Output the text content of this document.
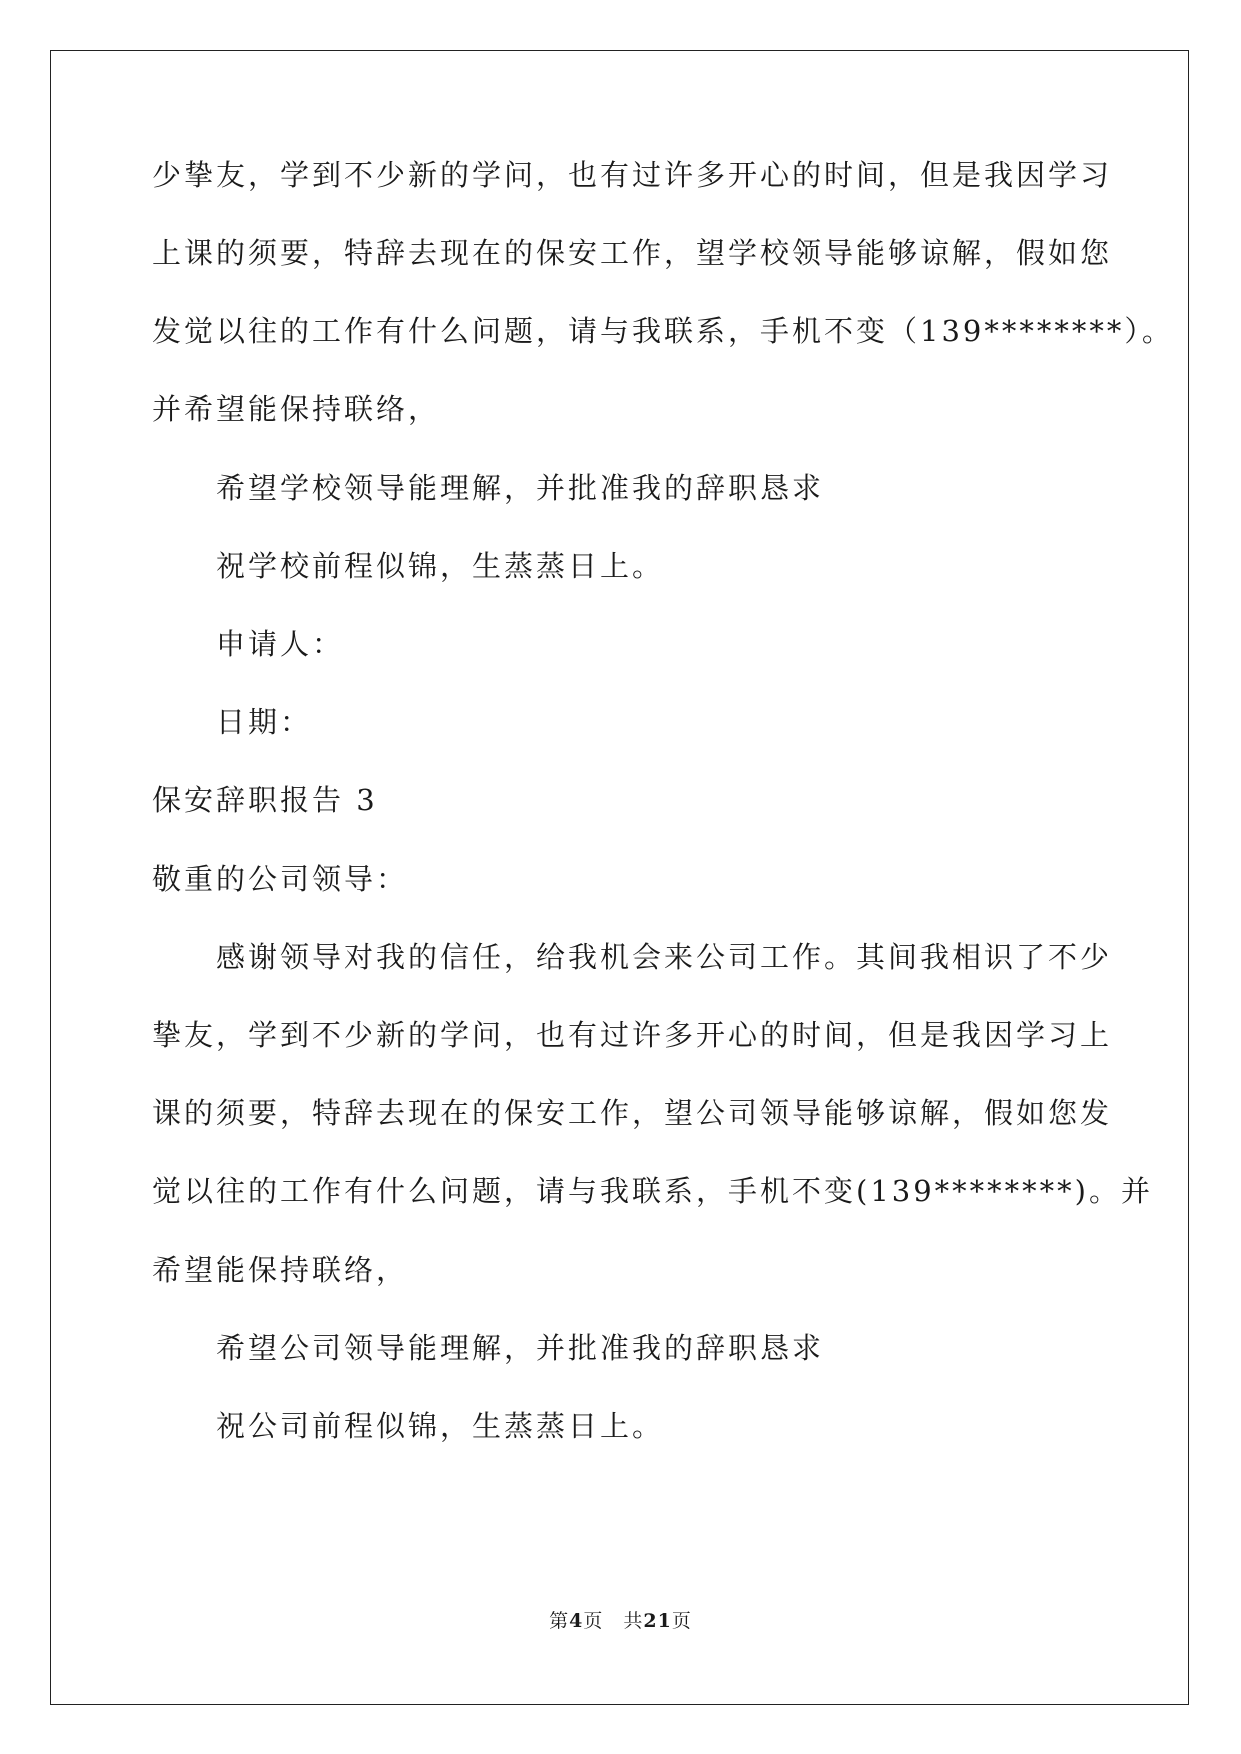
少挚友，学到不少新的学问，也有过许多开心的时间，但是我因学习
上课的须要，特辞去现在的保安工作，望学校领导能够谅解，假如您
发觉以往的工作有什么问题，请与我联系，手机不变（139********）。
并希望能保持联络，
希望学校领导能理解，并批准我的辞职恳求
祝学校前程似锦，生蒸蒸日上。
申请人：
日期：
保安辞职报告 3
敬重的公司领导：
感谢领导对我的信任，给我机会来公司工作。其间我相识了不少
挚友，学到不少新的学问，也有过许多开心的时间，但是我因学习上
课的须要，特辞去现在的保安工作，望公司领导能够谅解，假如您发
觉以往的工作有什么问题，请与我联系，手机不变(139********)。并
希望能保持联络，
希望公司领导能理解，并批准我的辞职恳求
祝公司前程似锦，生蒸蒸日上。
第4页 共21页
